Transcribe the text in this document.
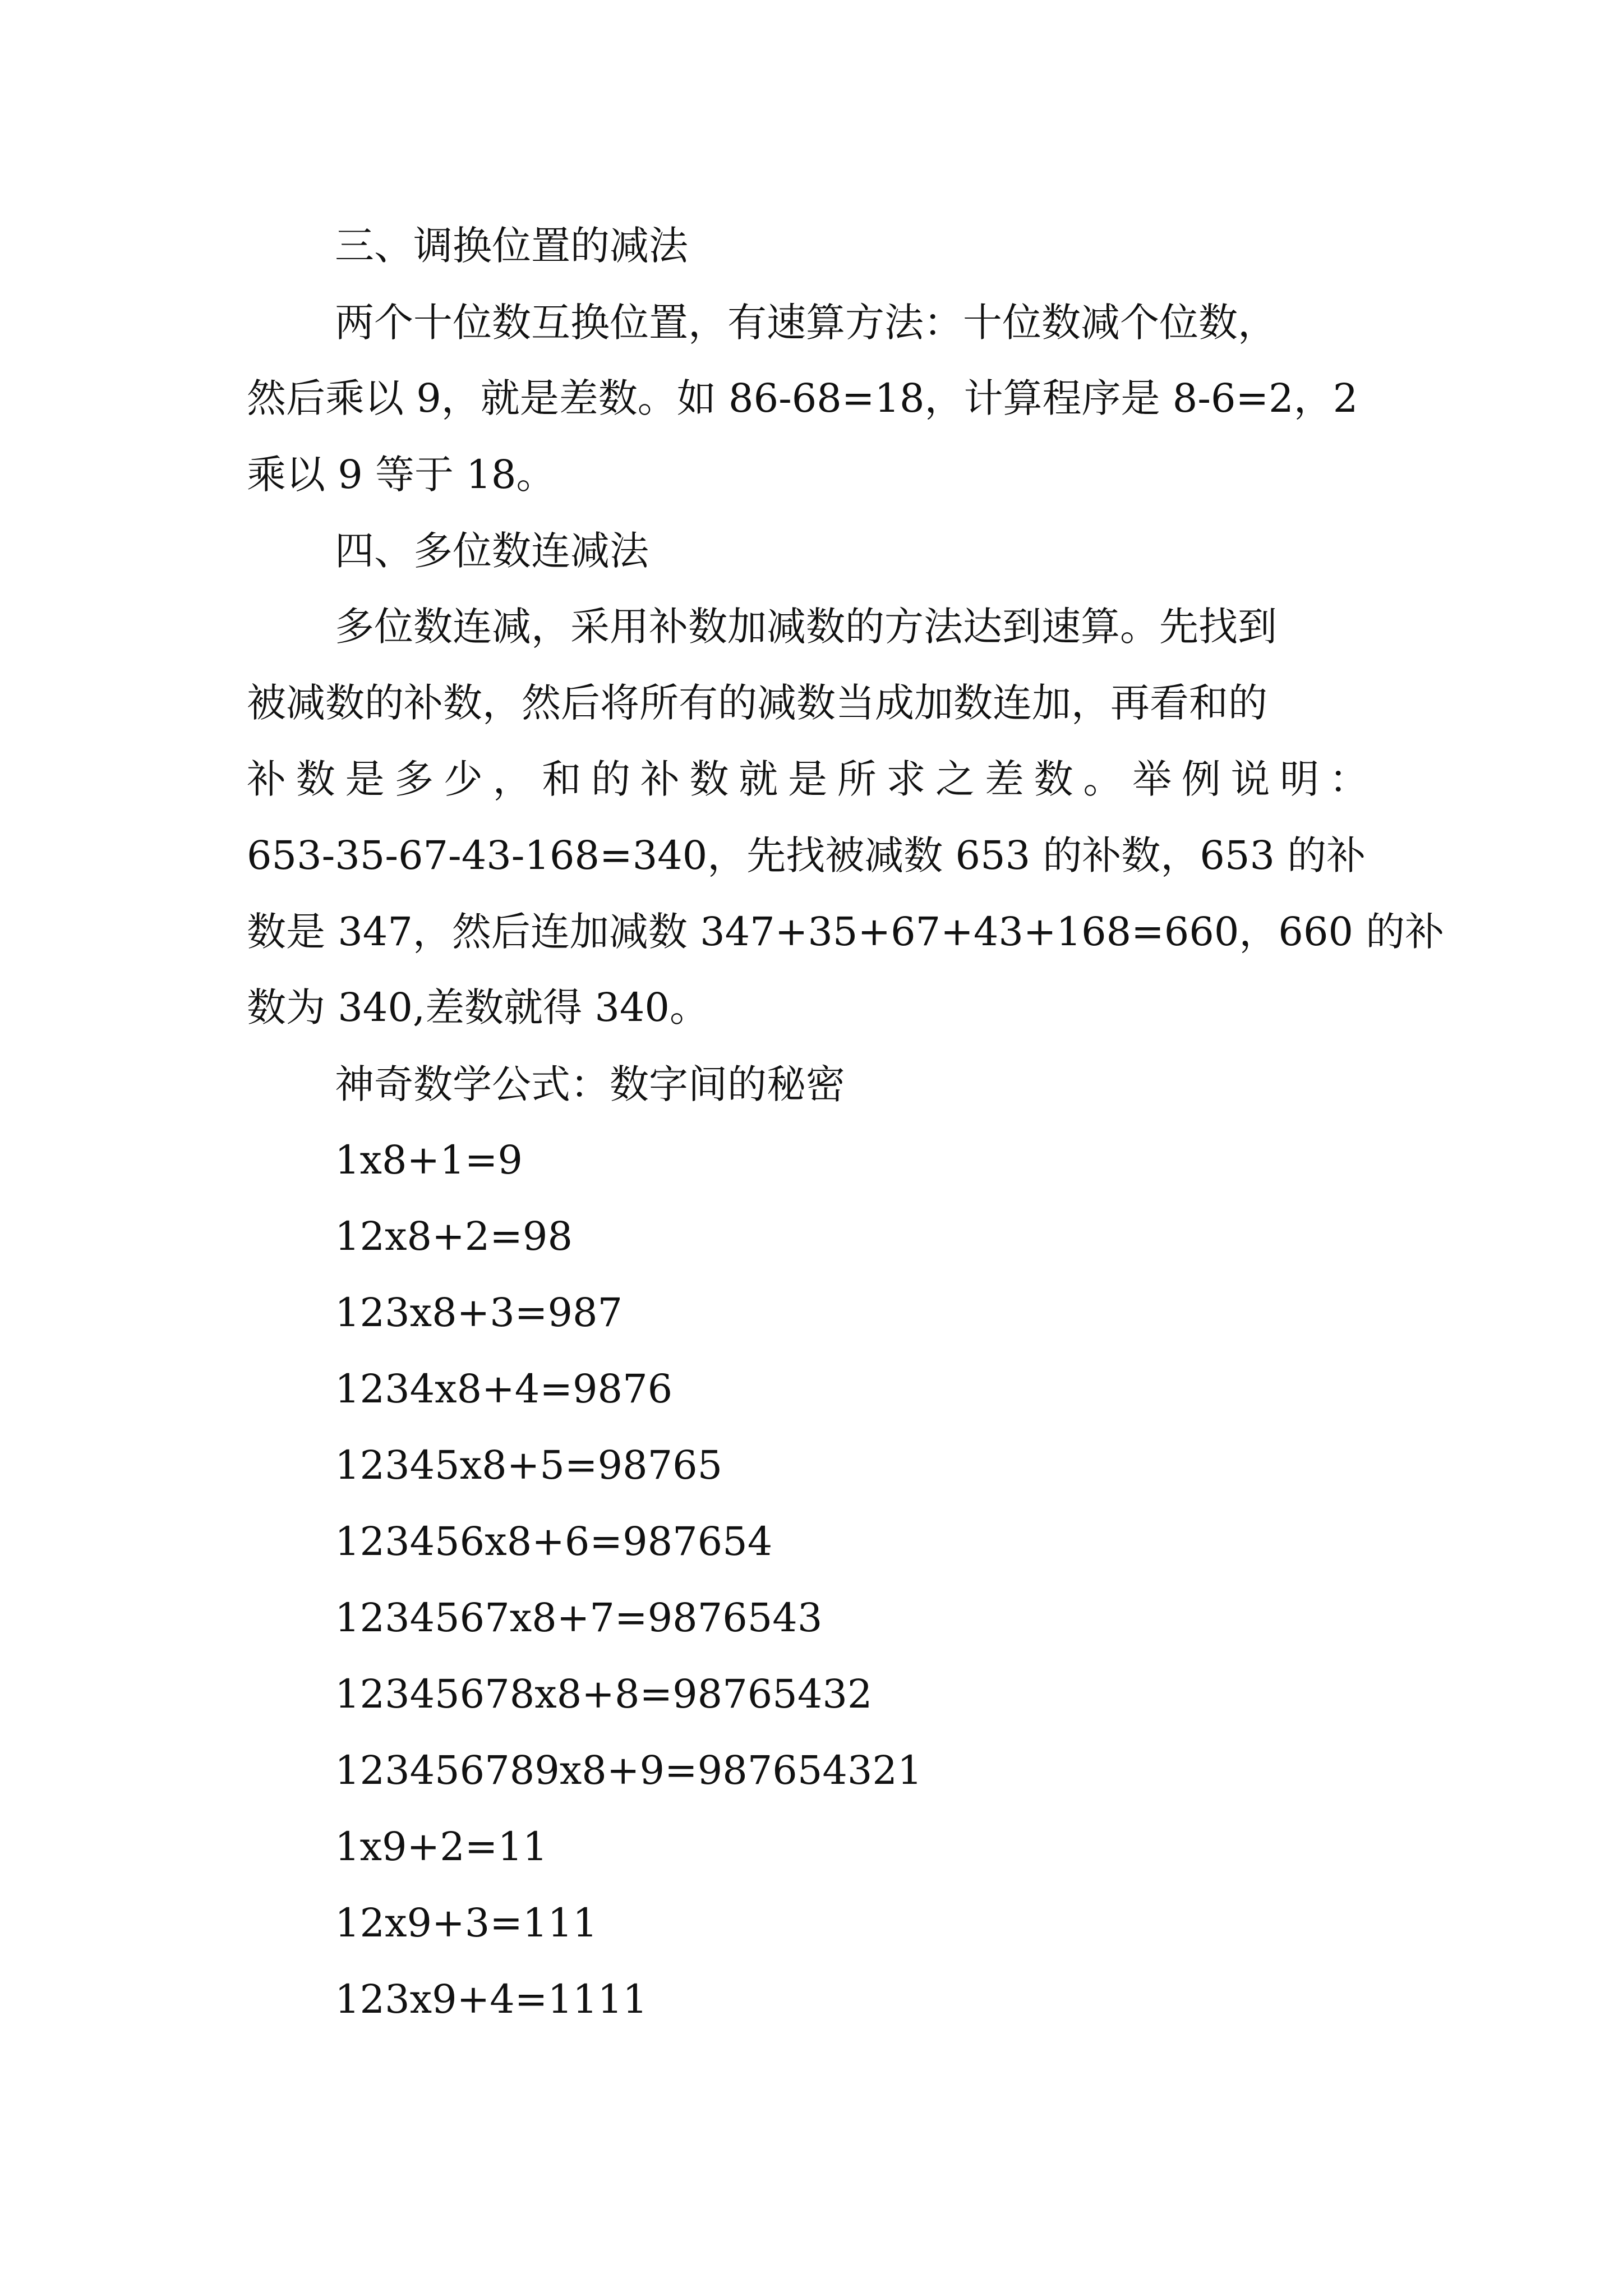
三、调换位置的减法
两个十位数互换位置，有速算方法：十位数减个位数，
然后乘以 9，就是差数。如 86-68=18，计算程序是 8-6=2，2
乘以 9 等于 18。
四、多位数连减法
多位数连减，采用补数加减数的方法达到速算。先找到
被减数的补数，然后将所有的减数当成加数连加，再看和的
补数是多少，和的补数就是所求之差数。举例说明：
653-35-67-43-168=340，先找被减数 653 的补数，653 的补
数是 347，然后连加减数 347+35+67+43+168=660，660 的补
数为 340,差数就得 340。
神奇数学公式：数字间的秘密
1x8+1=9
12x8+2=98
123x8+3=987
1234x8+4=9876
12345x8+5=98765
123456x8+6=987654
1234567x8+7=9876543
12345678x8+8=98765432
123456789x8+9=987654321
1x9+2=11
12x9+3=111
123x9+4=1111
